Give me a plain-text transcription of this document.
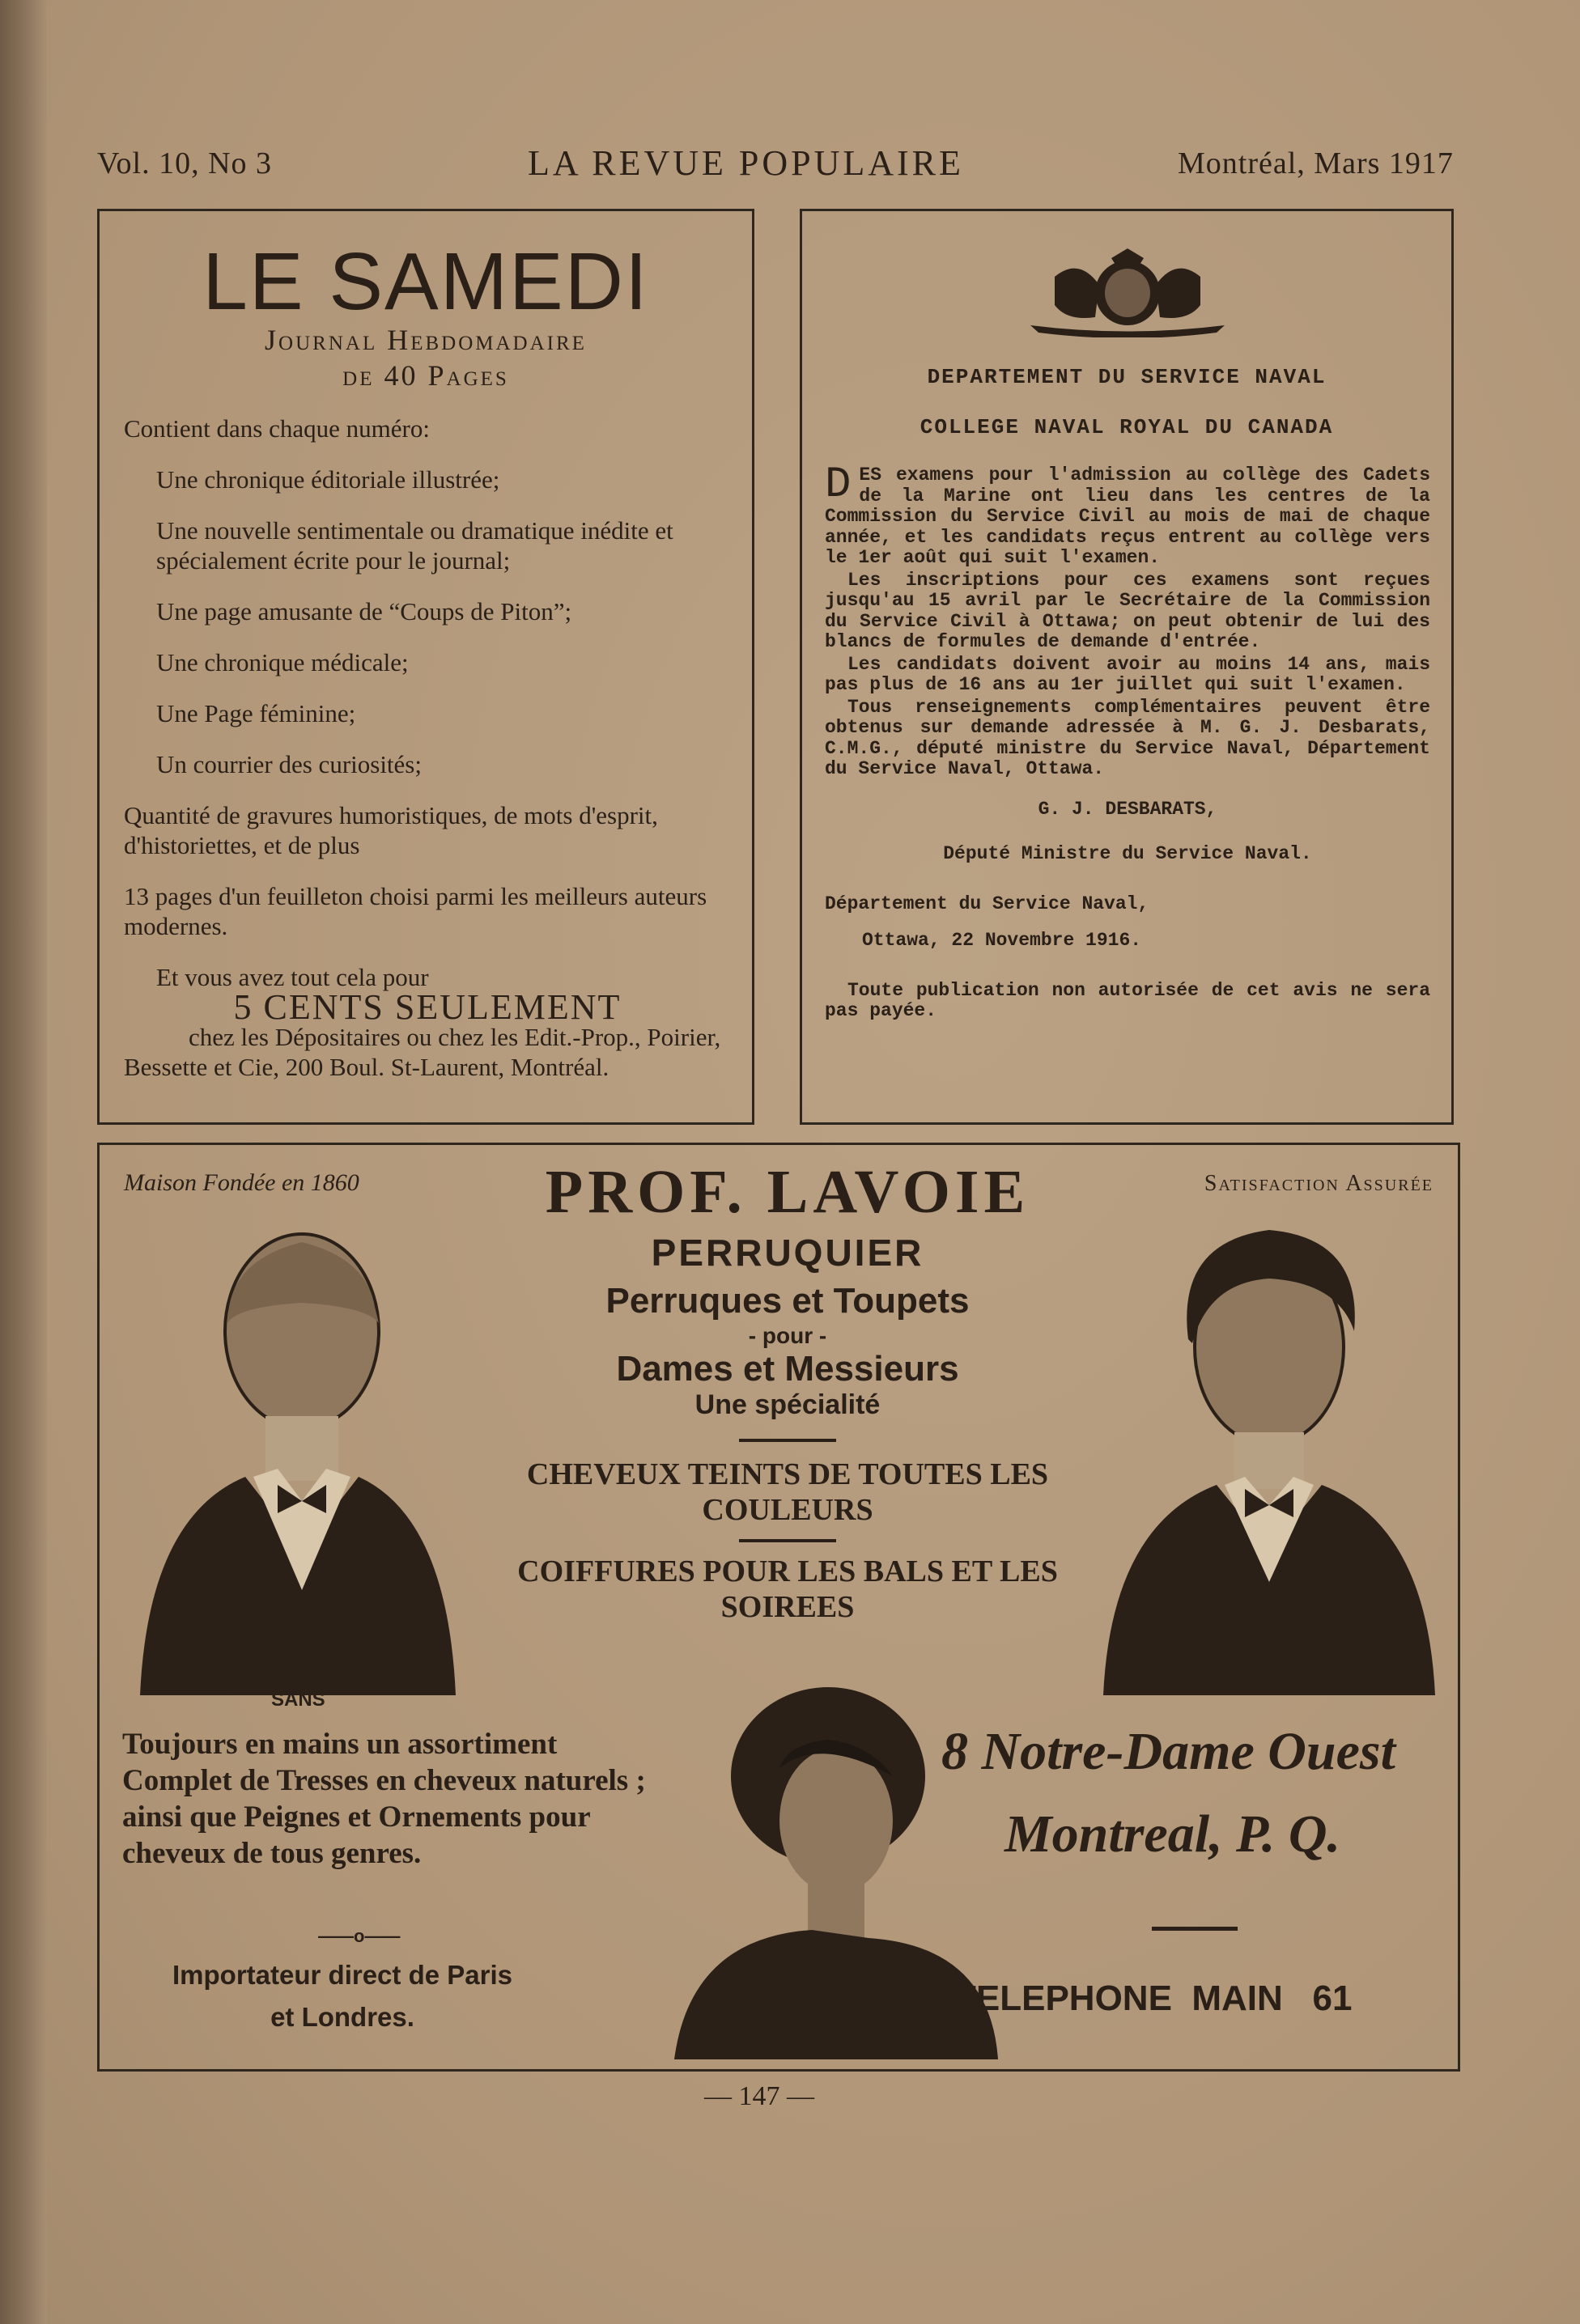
Vol. 10, No 3	LA REVUE POPULAIRE	Montréal, Mars 1917
LE SAMEDI
Journal Hebdomadaire
de 40 Pages
Contient dans chaque numéro:
Une chronique éditoriale illustrée;
Une nouvelle sentimentale ou dramatique inédite et spécialement écrite pour le journal;
Une page amusante de “Coups de Piton”;
Une chronique médicale;
Une Page féminine;
Un courrier des curiosités;
Quantité de gravures humoristiques, de mots d'esprit, d'historiettes, et de plus
13 pages d'un feuilleton choisi parmi les meilleurs auteurs modernes.
Et vous avez tout cela pour
5 CENTS SEULEMENT
chez les Dépositaires ou chez les Edit.-Prop., Poirier, Bessette et Cie, 200 Boul. St-Laurent, Montréal.
DEPARTEMENT DU SERVICE NAVAL
COLLEGE NAVAL ROYAL DU CANADA
DES examens pour l'admission au collège des Cadets de la Marine ont lieu dans les centres de la Commission du Service Civil au mois de mai de chaque année, et les candidats reçus entrent au collège vers le 1er août qui suit l'examen.
Les inscriptions pour ces examens sont reçues jusqu'au 15 avril par le Secrétaire de la Commission du Service Civil à Ottawa; on peut obtenir de lui des blancs de formules de demande d'entrée.
Les candidats doivent avoir au moins 14 ans, mais pas plus de 16 ans au 1er juillet qui suit l'examen.
Tous renseignements complémentaires peuvent être obtenus sur demande adressée à M. G. J. Desbarats, C.M.G., député ministre du Service Naval, Département du Service Naval, Ottawa.
G. J. DESBARATS,
Député Ministre du Service Naval.
Département du Service Naval,
Ottawa, 22 Novembre 1916.
Toute publication non autorisée de cet avis ne sera pas payée.
Maison Fondée en 1860	Satisfaction Assurée
PROF. LAVOIE
PERRUQUIER
Perruques et Toupets
- pour -
Dames et Messieurs
Une spécialité
CHEVEUX TEINTS DE TOUTES LES COULEURS
COIFFURES POUR LES BALS ET LES SOIREES
SANS
AVEC
Toujours en mains un assortiment Complet de Tresses en cheveux naturels ; ainsi que Peignes et Ornements pour cheveux de tous genres.
——o——
Importateur direct de Paris et Londres.
8 Notre-Dame Ouest
Montreal, P. Q.
TELEPHONE  MAIN   61
— 147 —
